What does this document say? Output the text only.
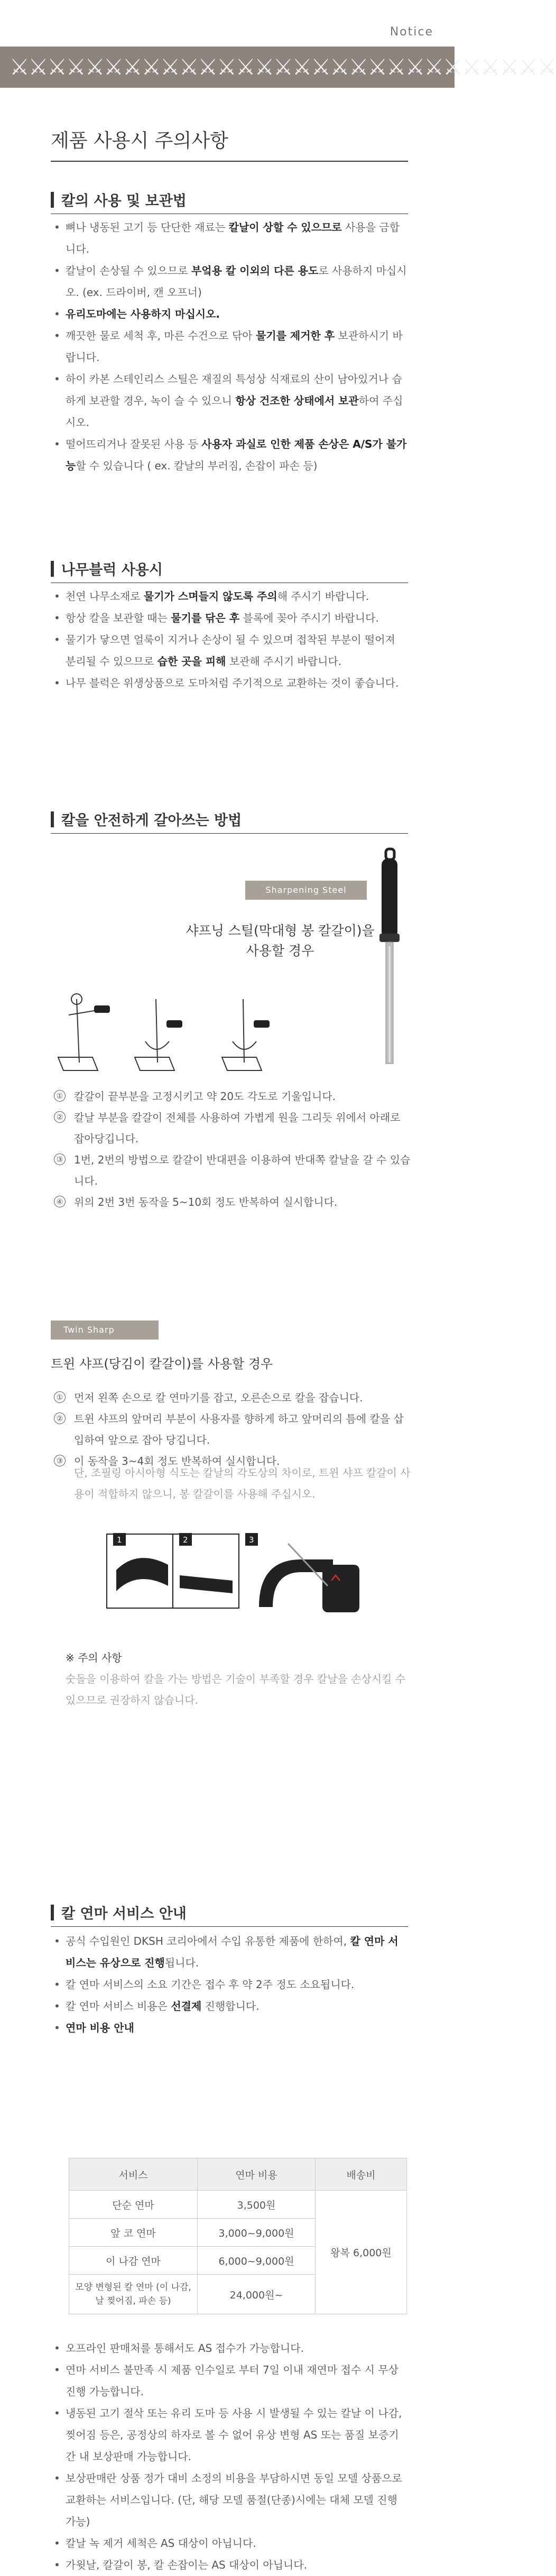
Notice
⚔⚔⚔⚔⚔⚔⚔⚔⚔⚔⚔⚔⚔⚔⚔⚔⚔⚔⚔⚔⚔⚔⚔⚔⚔⚔⚔⚔⚔
제품 사용시 주의사항
칼의 사용 및 보관법
• 뼈나 냉동된 고기 등 단단한 재료는 칼날이 상할 수 있으므로 사용을 금합니다.
• 칼날이 손상될 수 있으므로 부엌용 칼 이외의 다른 용도로 사용하지 마십시오. (ex. 드라이버, 캔 오프너)
• 유리도마에는 사용하지 마십시오.
• 깨끗한 물로 세척 후, 마른 수건으로 닦아 물기를 제거한 후 보관하시기 바랍니다.
• 하이 카본 스테인리스 스틸은 재질의 특성상 식재료의 산이 남아있거나 습하게 보관할 경우, 녹이 슬 수 있으니 항상 건조한 상태에서 보관하여 주십시오.
• 떨어뜨리거나 잘못된 사용 등 사용자 과실로 인한 제품 손상은 A/S가 불가능할 수 있습니다 ( ex. 칼날의 부러짐, 손잡이 파손 등)
나무블럭 사용시
• 천연 나무소재로 물기가 스며들지 않도록 주의해 주시기 바랍니다.
• 항상 칼을 보관할 때는 물기를 닦은 후 블록에 꽂아 주시기 바랍니다.
• 물기가 닿으면 얼룩이 지거나 손상이 될 수 있으며 접착된 부분이 떨어져 분리될 수 있으므로 습한 곳을 피해 보관해 주시기 바랍니다.
• 나무 블럭은 위생상품으로 도마처럼 주기적으로 교환하는 것이 좋습니다.
칼을 안전하게 갈아쓰는 방법
Sharpening Steel
샤프닝 스틸(막대형 봉 칼갈이)을
사용할 경우
① 칼갈이 끝부분을 고정시키고 약 20도 각도로 기울입니다.
② 칼날 부분을 칼갈이 전체를 사용하여 가볍게 원을 그리듯 위에서 아래로 잡아당깁니다.
③ 1번, 2번의 방법으로 칼갈이 반대편을 이용하여 반대쪽 칼날을 갈 수 있습니다.
④ 위의 2번 3번 동작을 5~10회 정도 반복하여 실시합니다.
Twin Sharp
트윈 샤프(당김이 칼갈이)를 사용할 경우
① 먼저 왼쪽 손으로 칼 연마기를 잡고, 오른손으로 칼을 잡습니다.
② 트윈 샤프의 앞머리 부분이 사용자를 향하게 하고 앞머리의 틈에 칼을 삽입하여 앞으로 잡아 당깁니다.
③ 이 동작을 3~4회 정도 반복하여 실시합니다.
단, 조필링 아시아형 식도는 칼날의 각도상의 차이로, 트윈 샤프 칼갈이 사용이 적합하지 않으니, 봉 칼갈이를 사용해 주십시오.
1	2	3
※ 주의 사항
숫돌을 이용하여 칼을 가는 방법은 기술이 부족할 경우 칼날을 손상시킬 수 있으므로 권장하지 않습니다.
칼 연마 서비스 안내
• 공식 수입원인 DKSH 코리아에서 수입 유통한 제품에 한하여, 칼 연마 서비스는 유상으로 진행됩니다.
• 칼 연마 서비스의 소요 기간은 접수 후 약 2주 정도 소요됩니다.
• 칼 연마 서비스 비용은 선결제 진행합니다.
• 연마 비용 안내
서비스	연마 비용	배송비
단순 연마	3,500원	왕복 6,000원
앞 코 연마	3,000~9,000원	
이 나감 연마	6,000~9,000원	
모양 변형된 칼 연마 (이 나감, 날 찢어짐, 파손 등)	24,000원~	
• 오프라인 판매처를 통해서도 AS 접수가 가능합니다.
• 연마 서비스 불만족 시 제품 인수일로 부터 7일 이내 재연마 접수 시 무상 진행 가능합니다.
• 냉동된 고기 절삭 또는 유리 도마 등 사용 시 발생될 수 있는 칼날 이 나감, 찢어짐 등은, 공정상의 하자로 볼 수 없어 유상 변형 AS 또는 품질 보증기간 내 보상판매 가능합니다.
• 보상판매란 상품 정가 대비 소정의 비용을 부담하시면 동일 모델 상품으로 교환하는 서비스입니다. (단, 해당 모델 품절(단종)시에는 대체 모델 진행 가능)
• 칼날 녹 제거 세척은 AS 대상이 아닙니다.
• 가윗날, 칼갈이 봉, 칼 손잡이는 AS 대상이 아닙니다.
